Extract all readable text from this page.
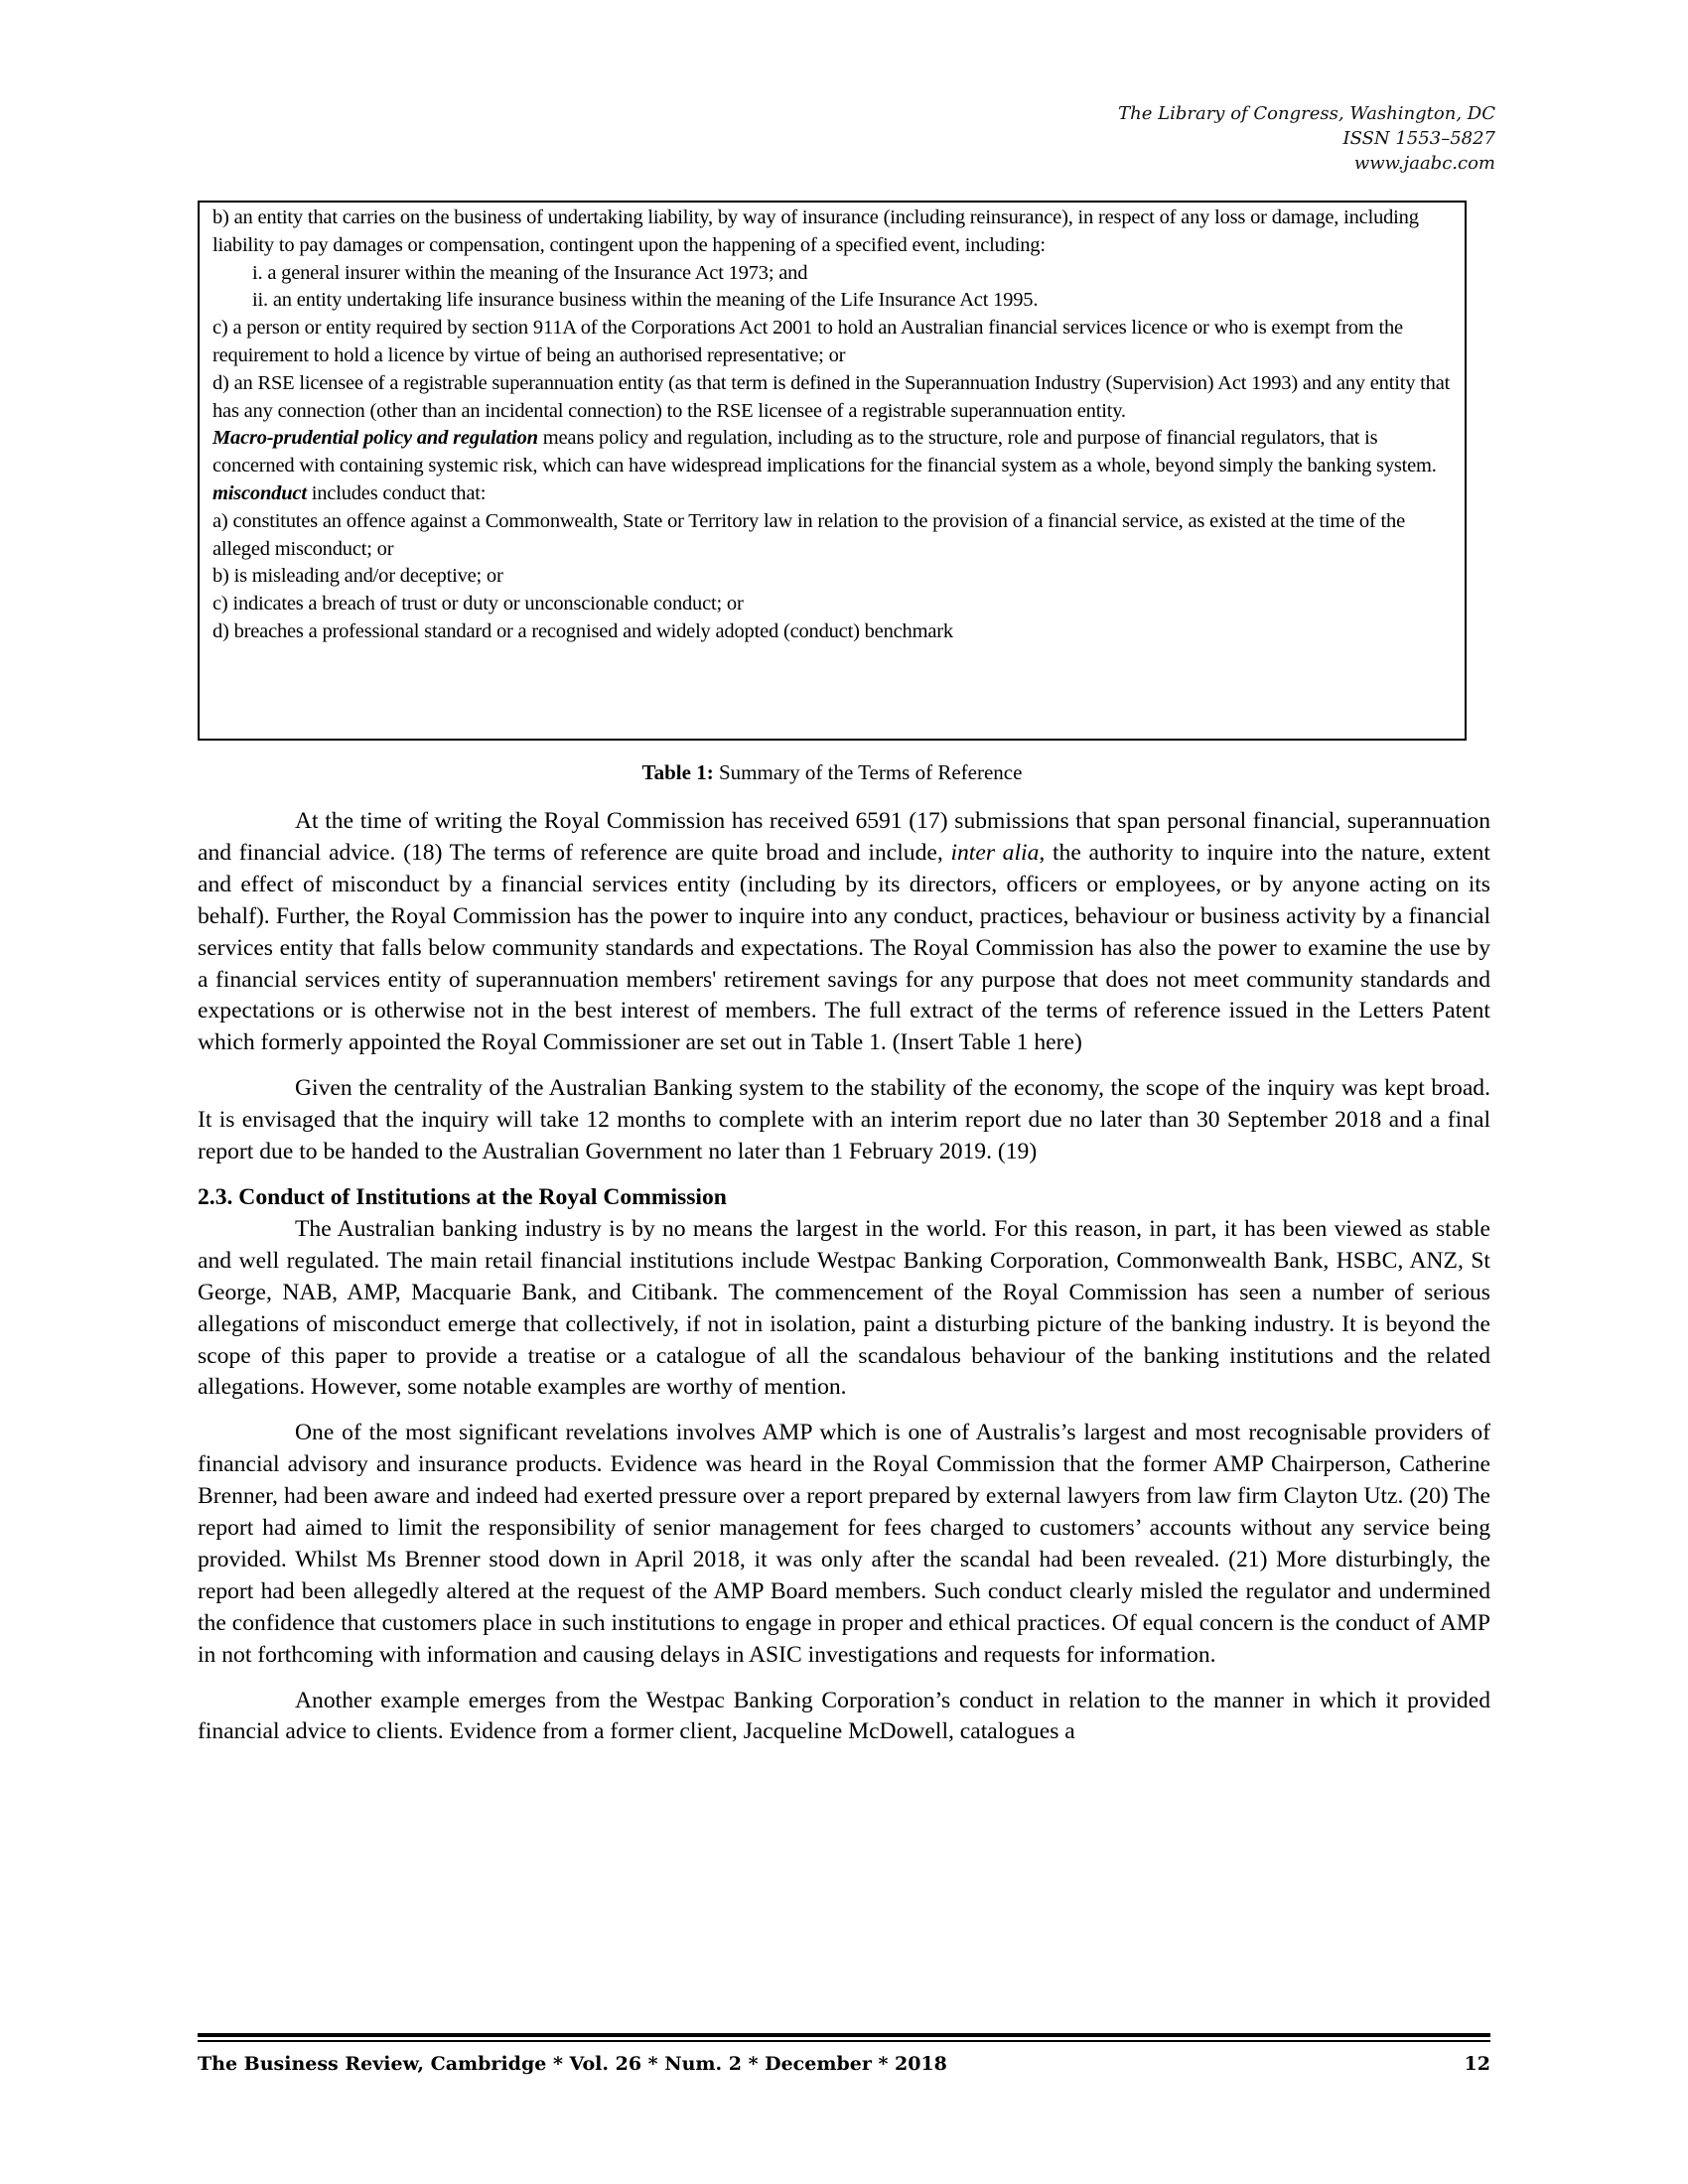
The Library of Congress, Washington, DC
ISSN 1553–5827
www.jaabc.com

b) an entity that carries on the business of undertaking liability, by way of insurance (including reinsurance), in respect of any loss or damage, including liability to pay damages or compensation, contingent upon the happening of a specified event, including:

i. a general insurer within the meaning of the Insurance Act 1973; and

ii. an entity undertaking life insurance business within the meaning of the Life Insurance Act 1995.

c) a person or entity required by section 911A of the Corporations Act 2001 to hold an Australian financial services licence or who is exempt from the requirement to hold a licence by virtue of being an authorised representative; or

d) an RSE licensee of a registrable superannuation entity (as that term is defined in the Superannuation Industry (Supervision) Act 1993) and any entity that has any connection (other than an incidental connection) to the RSE licensee of a registrable superannuation entity.

Macro-prudential policy and regulation means policy and regulation, including as to the structure, role and purpose of financial regulators, that is concerned with containing systemic risk, which can have widespread implications for the financial system as a whole, beyond simply the banking system.

misconduct includes conduct that:

a) constitutes an offence against a Commonwealth, State or Territory law in relation to the provision of a financial service, as existed at the time of the alleged misconduct; or

b) is misleading and/or deceptive; or

c) indicates a breach of trust or duty or unconscionable conduct; or

d) breaches a professional standard or a recognised and widely adopted (conduct) benchmark

Table 1: Summary of the Terms of Reference

At the time of writing the Royal Commission has received 6591 (17) submissions that span personal financial, superannuation and financial advice. (18) The terms of reference are quite broad and include, inter alia, the authority to inquire into the nature, extent and effect of misconduct by a financial services entity (including by its directors, officers or employees, or by anyone acting on its behalf). Further, the Royal Commission has the power to inquire into any conduct, practices, behaviour or business activity by a financial services entity that falls below community standards and expectations. The Royal Commission has also the power to examine the use by a financial services entity of superannuation members' retirement savings for any purpose that does not meet community standards and expectations or is otherwise not in the best interest of members. The full extract of the terms of reference issued in the Letters Patent which formerly appointed the Royal Commissioner are set out in Table 1. (Insert Table 1 here)

Given the centrality of the Australian Banking system to the stability of the economy, the scope of the inquiry was kept broad. It is envisaged that the inquiry will take 12 months to complete with an interim report due no later than 30 September 2018 and a final report due to be handed to the Australian Government no later than 1 February 2019. (19)

2.3. Conduct of Institutions at the Royal Commission

The Australian banking industry is by no means the largest in the world. For this reason, in part, it has been viewed as stable and well regulated. The main retail financial institutions include Westpac Banking Corporation, Commonwealth Bank, HSBC, ANZ, St George, NAB, AMP, Macquarie Bank, and Citibank. The commencement of the Royal Commission has seen a number of serious allegations of misconduct emerge that collectively, if not in isolation, paint a disturbing picture of the banking industry. It is beyond the scope of this paper to provide a treatise or a catalogue of all the scandalous behaviour of the banking institutions and the related allegations. However, some notable examples are worthy of mention.

One of the most significant revelations involves AMP which is one of Australis’s largest and most recognisable providers of financial advisory and insurance products. Evidence was heard in the Royal Commission that the former AMP Chairperson, Catherine Brenner, had been aware and indeed had exerted pressure over a report prepared by external lawyers from law firm Clayton Utz. (20) The report had aimed to limit the responsibility of senior management for fees charged to customers’ accounts without any service being provided. Whilst Ms Brenner stood down in April 2018, it was only after the scandal had been revealed. (21) More disturbingly, the report had been allegedly altered at the request of the AMP Board members. Such conduct clearly misled the regulator and undermined the confidence that customers place in such institutions to engage in proper and ethical practices. Of equal concern is the conduct of AMP in not forthcoming with information and causing delays in ASIC investigations and requests for information.

Another example emerges from the Westpac Banking Corporation’s conduct in relation to the manner in which it provided financial advice to clients. Evidence from a former client, Jacqueline McDowell, catalogues a

The Business Review, Cambridge * Vol. 26 * Num. 2 * December * 2018	12
